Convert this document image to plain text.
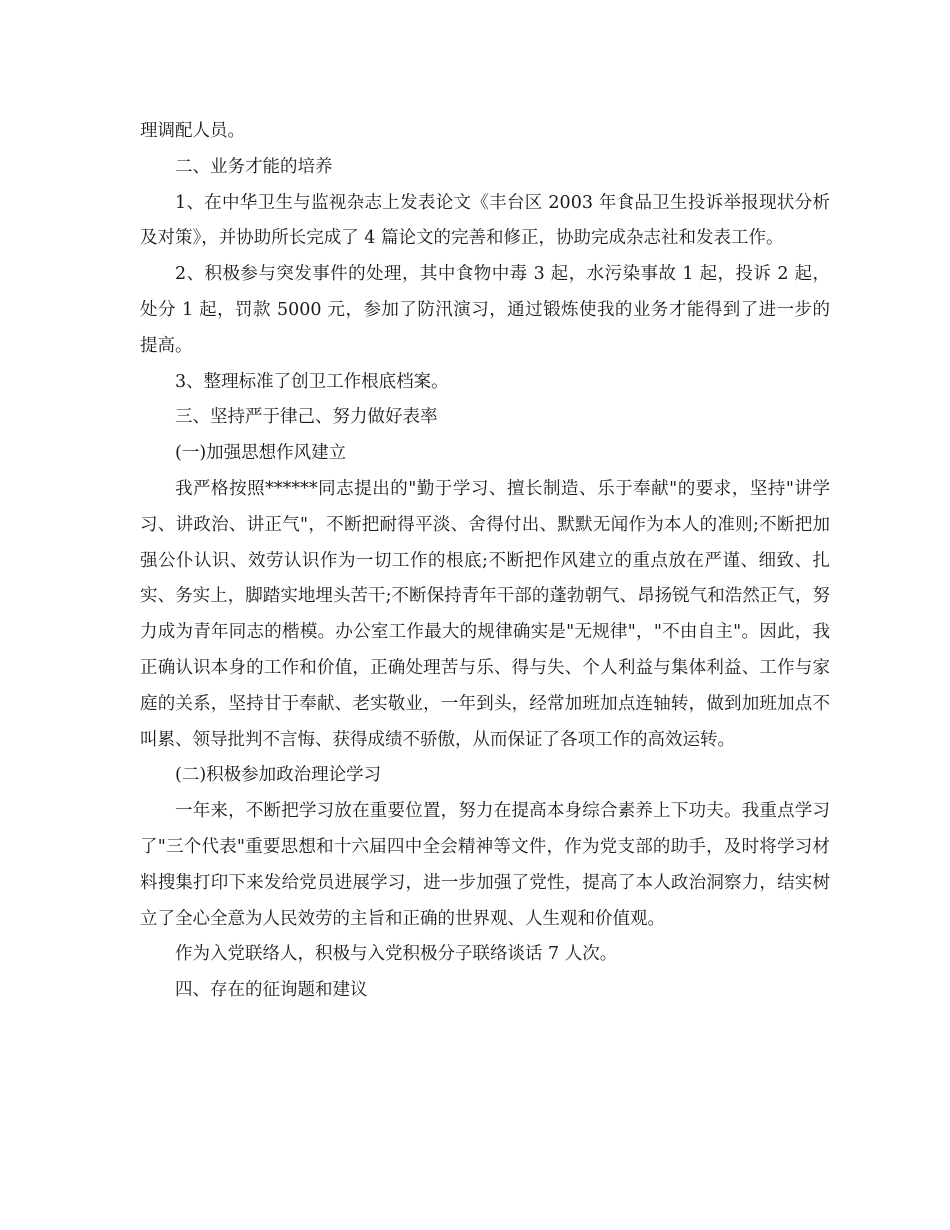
理调配人员。

二、业务才能的培养

1、在中华卫生与监视杂志上发表论文《丰台区 2003 年食品卫生投诉举报现状分析及对策》，并协助所长完成了 4 篇论文的完善和修正，协助完成杂志社和发表工作。

2、积极参与突发事件的处理，其中食物中毒 3 起，水污染事故 1 起，投诉 2 起，处分 1 起，罚款 5000 元，参加了防汛演习，通过锻炼使我的业务才能得到了进一步的提高。

3、整理标准了创卫工作根底档案。

三、坚持严于律己、努力做好表率

(一)加强思想作风建立

我严格按照******同志提出的"勤于学习、擅长制造、乐于奉献"的要求，坚持"讲学习、讲政治、讲正气"，不断把耐得平淡、舍得付出、默默无闻作为本人的准则;不断把加强公仆认识、效劳认识作为一切工作的根底;不断把作风建立的重点放在严谨、细致、扎实、务实上，脚踏实地埋头苦干;不断保持青年干部的蓬勃朝气、昂扬锐气和浩然正气，努力成为青年同志的楷模。办公室工作最大的规律确实是"无规律"，"不由自主"。因此，我正确认识本身的工作和价值，正确处理苦与乐、得与失、个人利益与集体利益、工作与家庭的关系，坚持甘于奉献、老实敬业，一年到头，经常加班加点连轴转，做到加班加点不叫累、领导批判不言悔、获得成绩不骄傲，从而保证了各项工作的高效运转。

(二)积极参加政治理论学习

一年来，不断把学习放在重要位置，努力在提高本身综合素养上下功夫。我重点学习了"三个代表"重要思想和十六届四中全会精神等文件，作为党支部的助手，及时将学习材料搜集打印下来发给党员进展学习，进一步加强了党性，提高了本人政治洞察力，结实树立了全心全意为人民效劳的主旨和正确的世界观、人生观和价值观。

作为入党联络人，积极与入党积极分子联络谈话 7 人次。

四、存在的征询题和建议
